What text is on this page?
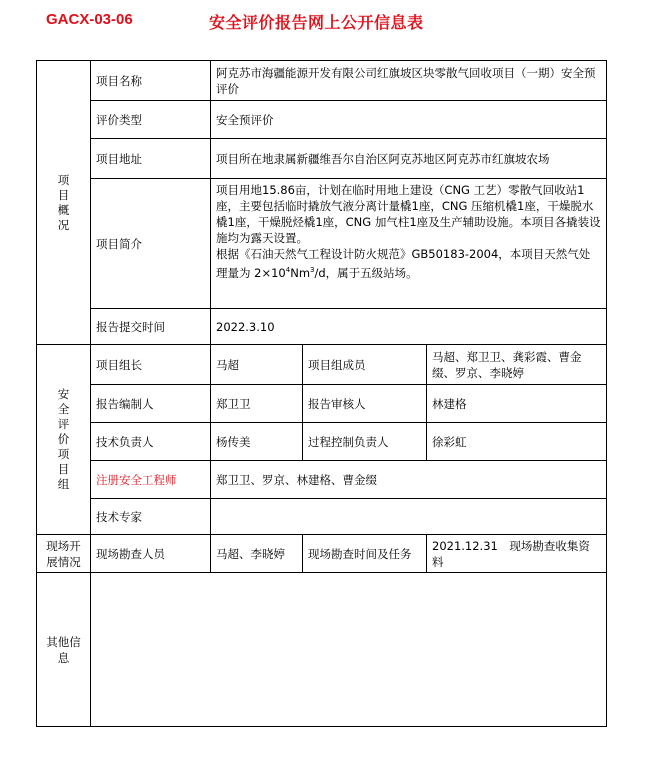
GACX-03-06	安全评价报告网上公开信息表
项目概况	项目名称	阿克苏市海疆能源开发有限公司红旗坡区块零散气回收项目（一期）安全预评价		
	评价类型	安全预评价		
	项目地址	项目所在地隶属新疆维吾尔自治区阿克苏地区阿克苏市红旗坡农场		
	项目简介	项目用地15.86亩，计划在临时用地上建设（CNG 工艺）零散气回收站1座，主要包括临时撬放气液分离计量橇1座，CNG 压缩机橇1座，干燥脱水橇1座，干燥脱烃橇1座，CNG 加气柱1座及生产辅助设施。本项目各撬装设施均为露天设置。
根据《石油天然气工程设计防火规范》GB50183-2004，本项目天然气处理量为 $2\times 10^4Nm^3/d$，属于五级站场。		

	报告提交时间	2022.3.10		

安全评价项目组	项目组长	马超	项目组成员	马超、郑卫卫、龚彩霞、曹金缀、罗京、李晓婷
	报告编制人	郑卫卫	报告审核人	林建格
	技术负责人	杨传美	过程控制负责人	徐彩虹
	注册安全工程师	郑卫卫、罗京、林建格、曹金缀		
	技术专家			
现场开展情况	现场勘查人员	马超、李晓婷	现场勘查时间及任务	2021.12.31　现场勘查收集资料
其他信息				
